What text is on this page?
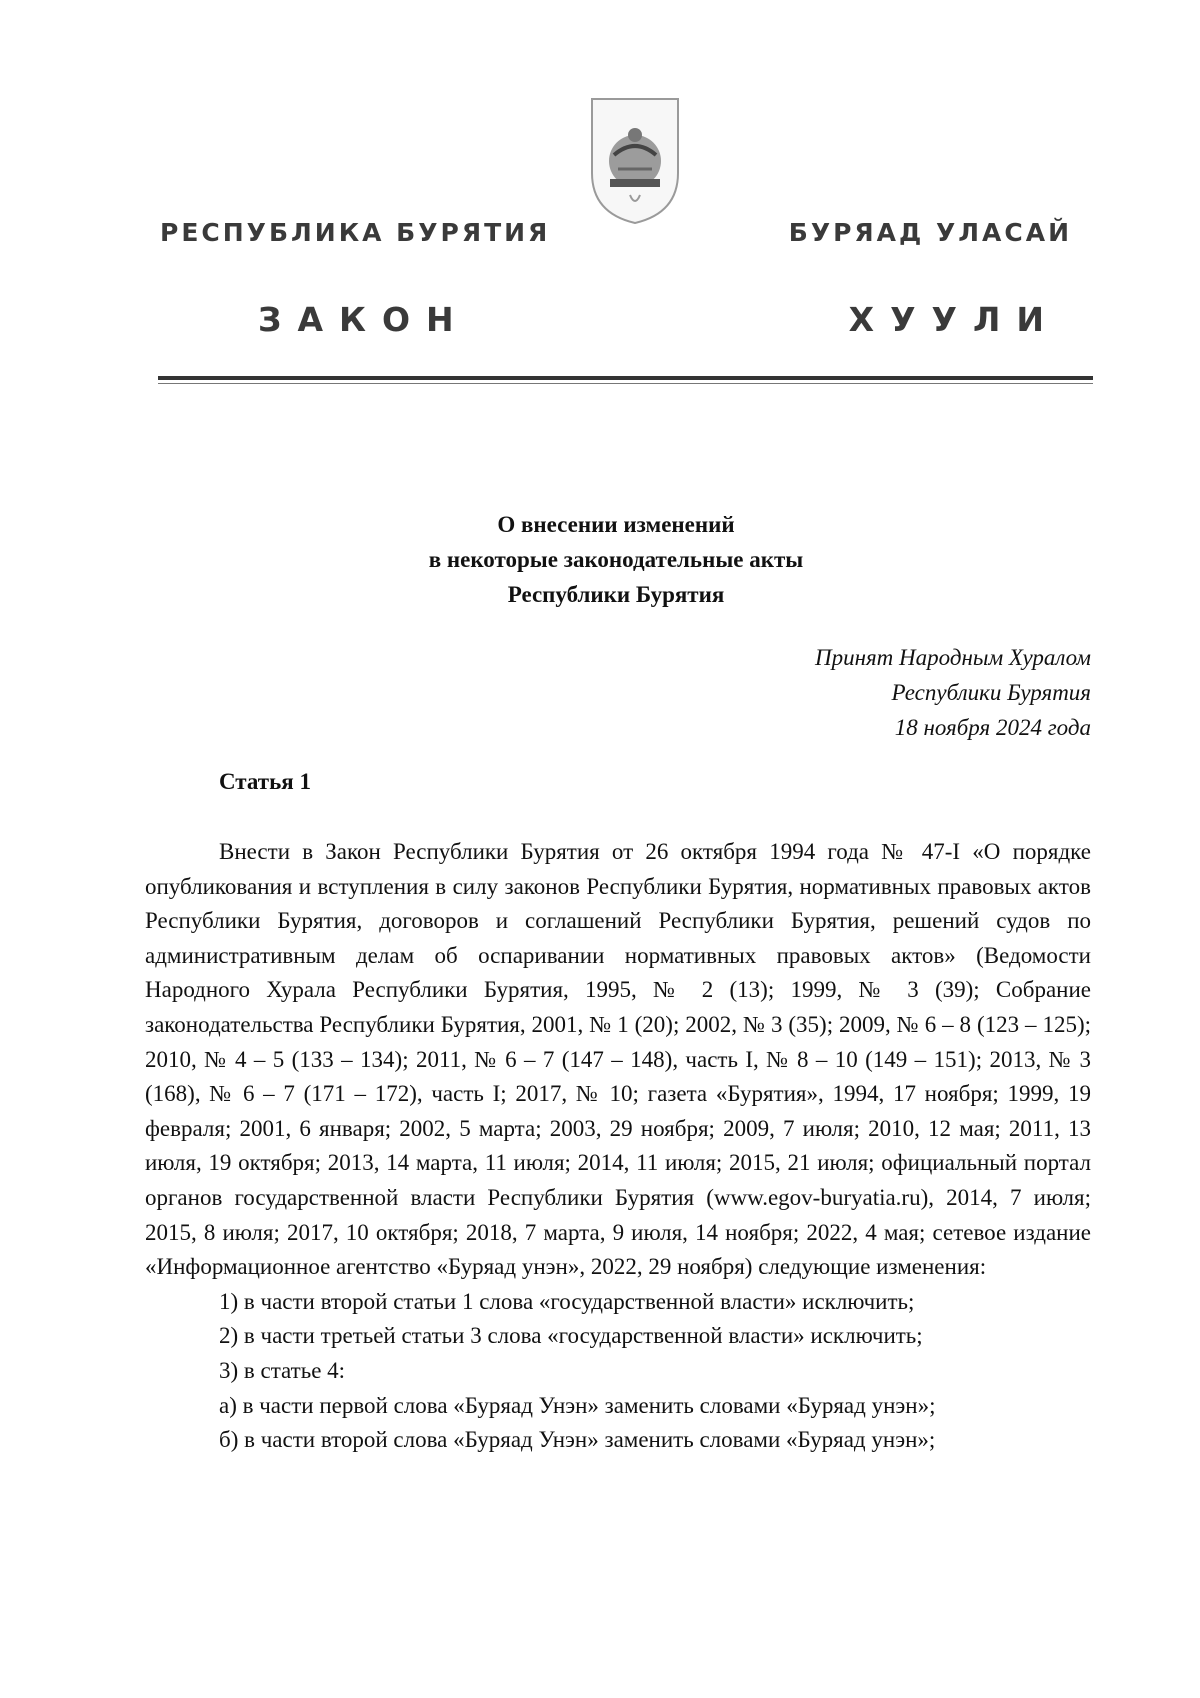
РЕСПУБЛИКА БУРЯТИЯ	БУРЯАД УЛАСАЙ
ЗАКОН	ХУУЛИ
О внесении изменений
в некоторые законодательные акты
Республики Бурятия
Принят Народным Хуралом
Республики Бурятия
18 ноября 2024 года
Статья 1

Внести в Закон Республики Бурятия от 26 октября 1994 года № 47-I «О порядке опубликования и вступления в силу законов Республики Бурятия, нормативных правовых актов Республики Бурятия, договоров и соглашений Республики Бурятия, решений судов по административным делам об оспаривании нормативных правовых актов» (Ведомости Народного Хурала Республики Бурятия, 1995, № 2 (13); 1999, № 3 (39); Собрание законодательства Республики Бурятия, 2001, № 1 (20); 2002, № 3 (35); 2009, № 6 – 8 (123 – 125); 2010, № 4 – 5 (133 – 134); 2011, № 6 – 7 (147 – 148), часть I, № 8 – 10 (149 – 151); 2013, № 3 (168), № 6 – 7 (171 – 172), часть I; 2017, № 10; газета «Бурятия», 1994, 17 ноября; 1999, 19 февраля; 2001, 6 января; 2002, 5 марта; 2003, 29 ноября; 2009, 7 июля; 2010, 12 мая; 2011, 13 июля, 19 октября; 2013, 14 марта, 11 июля; 2014, 11 июля; 2015, 21 июля; официальный портал органов государственной власти Республики Бурятия (www.egov-buryatia.ru), 2014, 7 июля; 2015, 8 июля; 2017, 10 октября; 2018, 7 марта, 9 июля, 14 ноября; 2022, 4 мая; сетевое издание «Информационное агентство «Буряад унэн», 2022, 29 ноября) следующие изменения:

1) в части второй статьи 1 слова «государственной власти» исключить;

2) в части третьей статьи 3 слова «государственной власти» исключить;

3) в статье 4:

а) в части первой слова «Буряад Унэн» заменить словами «Буряад унэн»;

б) в части второй слова «Буряад Унэн» заменить словами «Буряад унэн»;
